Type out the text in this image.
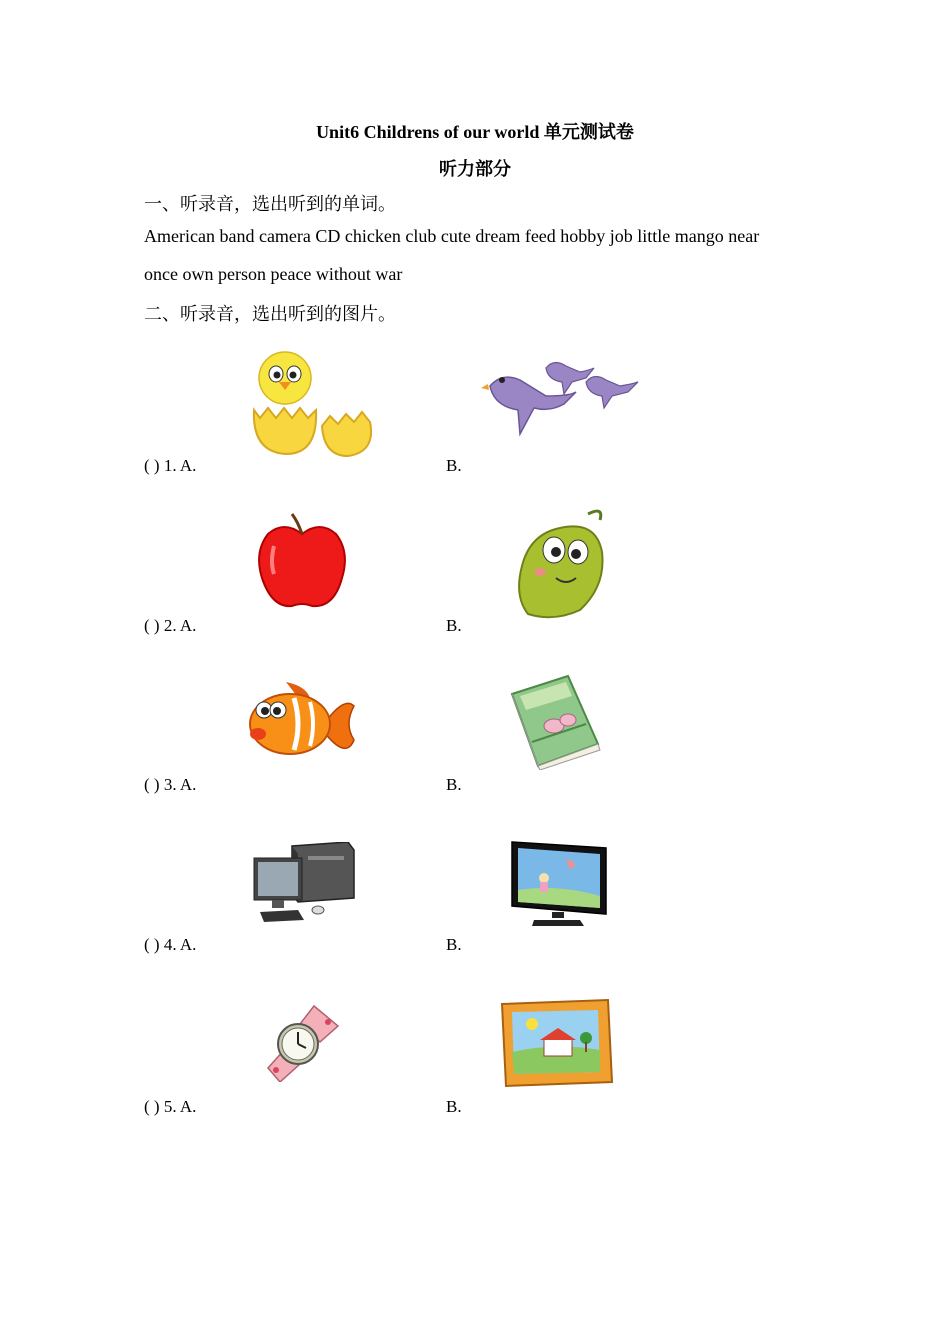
Unit6 Childrens of our world 单元测试卷
听力部分
一、听录音，选出听到的单词。
American band camera CD chicken club cute dream feed hobby job little mango near
once own person peace without war
二、听录音，选出听到的图片。
( ) 1. A.	B.
( ) 2. A.	B.
( ) 3. A.	B.
( ) 4. A.	B.
( ) 5. A.	B.
